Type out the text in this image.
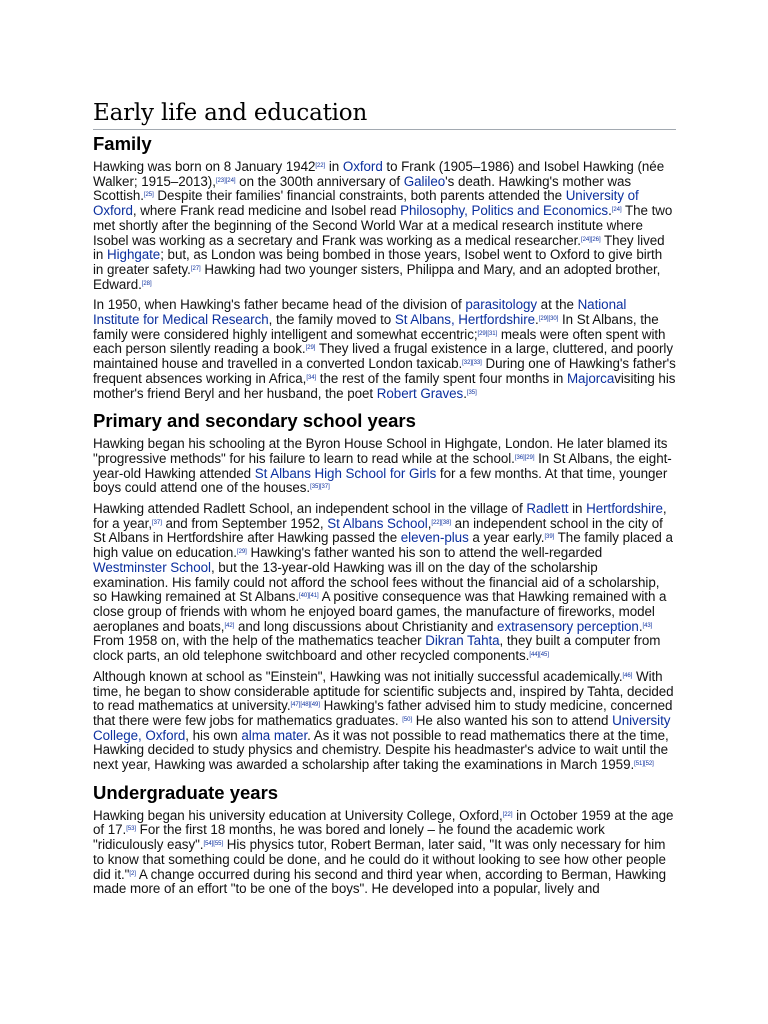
Early life and education
Family
Hawking was born on 8 January 1942[22] in Oxford to Frank (1905–1986) and Isobel Hawking (née Walker; 1915–2013),[23][24] on the 300th anniversary of Galileo's death. Hawking's mother was Scottish.[25] Despite their families' financial constraints, both parents attended the University of Oxford, where Frank read medicine and Isobel read Philosophy, Politics and Economics.[24] The two met shortly after the beginning of the Second World War at a medical research institute where Isobel was working as a secretary and Frank was working as a medical researcher.[24][26] They lived in Highgate; but, as London was being bombed in those years, Isobel went to Oxford to give birth in greater safety.[27] Hawking had two younger sisters, Philippa and Mary, and an adopted brother, Edward.[28]
In 1950, when Hawking's father became head of the division of parasitology at the National Institute for Medical Research, the family moved to St Albans, Hertfordshire.[29][30] In St Albans, the family were considered highly intelligent and somewhat eccentric;[29][31] meals were often spent with each person silently reading a book.[29] They lived a frugal existence in a large, cluttered, and poorly maintained house and travelled in a converted London taxicab.[32][33] During one of Hawking's father's frequent absences working in Africa,[34] the rest of the family spent four months in Majorcavisiting his mother's friend Beryl and her husband, the poet Robert Graves.[35]
Primary and secondary school years
Hawking began his schooling at the Byron House School in Highgate, London. He later blamed its "progressive methods" for his failure to learn to read while at the school.[36][29] In St Albans, the eight-year-old Hawking attended St Albans High School for Girls for a few months. At that time, younger boys could attend one of the houses.[35][37]
Hawking attended Radlett School, an independent school in the village of Radlett in Hertfordshire, for a year,[37] and from September 1952, St Albans School,[22][38] an independent school in the city of St Albans in Hertfordshire after Hawking passed the eleven-plus a year early.[39] The family placed a high value on education.[29] Hawking's father wanted his son to attend the well-regarded Westminster School, but the 13-year-old Hawking was ill on the day of the scholarship examination. His family could not afford the school fees without the financial aid of a scholarship, so Hawking remained at St Albans.[40][41] A positive consequence was that Hawking remained with a close group of friends with whom he enjoyed board games, the manufacture of fireworks, model aeroplanes and boats,[42] and long discussions about Christianity and extrasensory perception.[43] From 1958 on, with the help of the mathematics teacher Dikran Tahta, they built a computer from clock parts, an old telephone switchboard and other recycled components.[44][45]
Although known at school as "Einstein", Hawking was not initially successful academically.[46] With time, he began to show considerable aptitude for scientific subjects and, inspired by Tahta, decided to read mathematics at university.[47][48][49] Hawking's father advised him to study medicine, concerned that there were few jobs for mathematics graduates. [50] He also wanted his son to attend University College, Oxford, his own alma mater. As it was not possible to read mathematics there at the time, Hawking decided to study physics and chemistry. Despite his headmaster's advice to wait until the next year, Hawking was awarded a scholarship after taking the examinations in March 1959.[51][52]
Undergraduate years
Hawking began his university education at University College, Oxford,[22] in October 1959 at the age of 17.[53] For the first 18 months, he was bored and lonely – he found the academic work "ridiculously easy".[54][55] His physics tutor, Robert Berman, later said, "It was only necessary for him to know that something could be done, and he could do it without looking to see how other people did it."[2] A change occurred during his second and third year when, according to Berman, Hawking made more of an effort "to be one of the boys". He developed into a popular, lively and
